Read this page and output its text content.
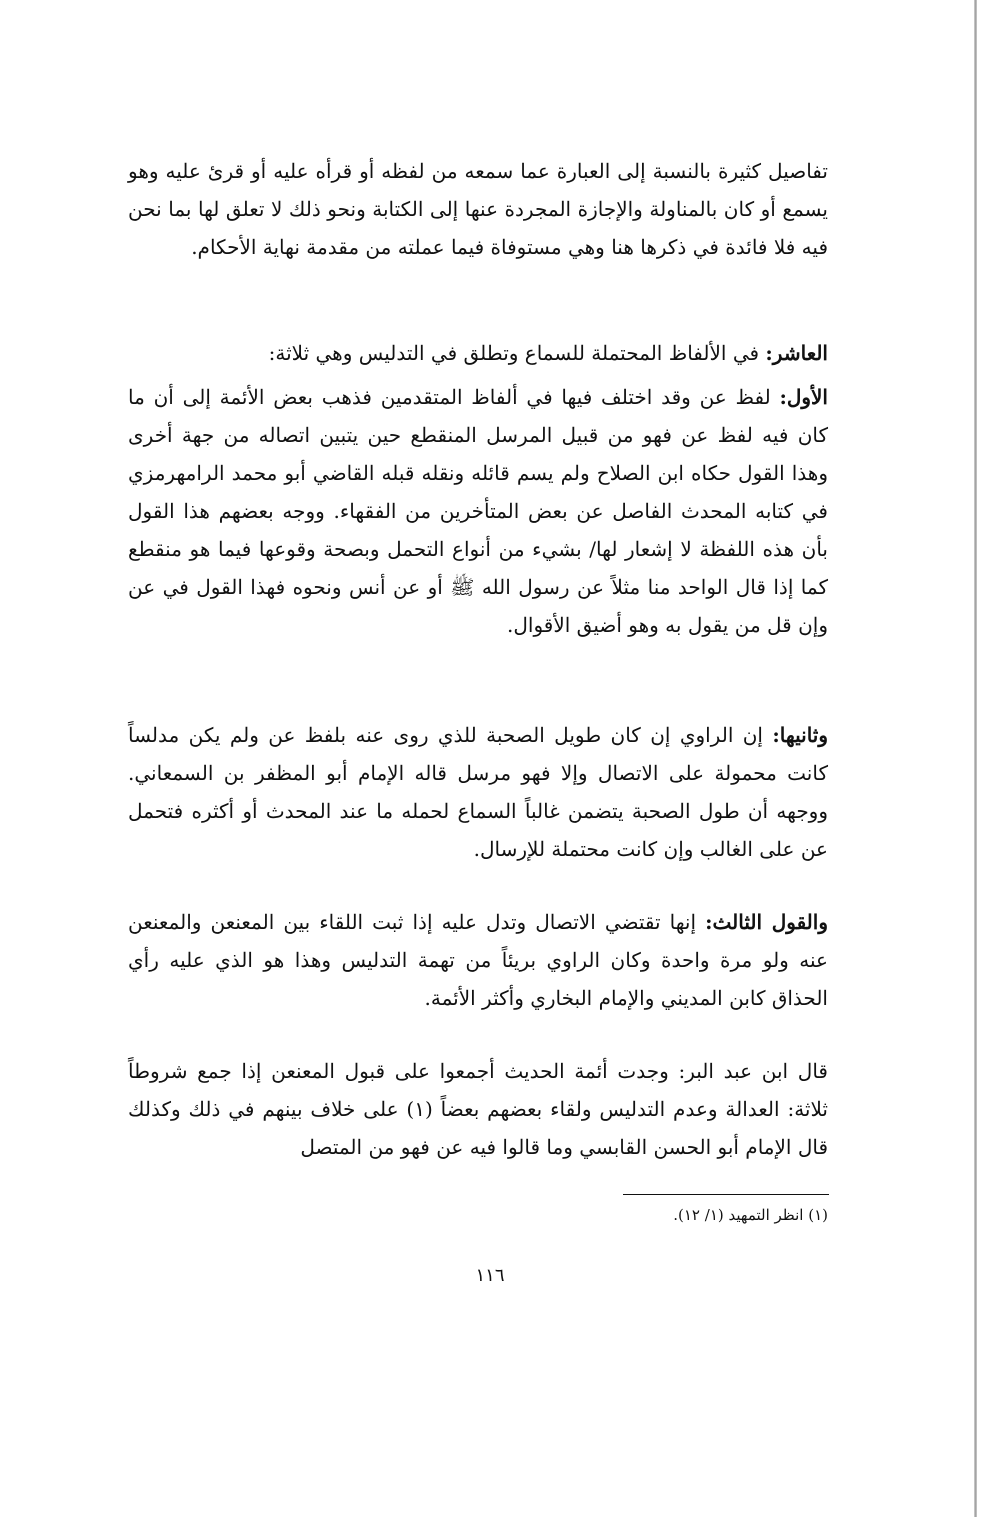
تفاصيل كثيرة بالنسبة إلى العبارة عما سمعه من لفظه أو قرأه عليه أو قرئ عليه وهو يسمع أو كان بالمناولة والإجازة المجردة عنها إلى الكتابة ونحو ذلك لا تعلق لها بما نحن فيه فلا فائدة في ذكرها هنا وهي مستوفاة فيما عملته من مقدمة نهاية الأحكام.

العاشر: في الألفاظ المحتملة للسماع وتطلق في التدليس وهي ثلاثة:

الأول: لفظ عن وقد اختلف فيها في ألفاظ المتقدمين فذهب بعض الأئمة إلى أن ما كان فيه لفظ عن فهو من قبيل المرسل المنقطع حين يتبين اتصاله من جهة أخرى وهذا القول حكاه ابن الصلاح ولم يسم قائله ونقله قبله القاضي أبو محمد الرامهرمزي في كتابه المحدث الفاصل عن بعض المتأخرين من الفقهاء. ووجه بعضهم هذا القول بأن هذه اللفظة لا إشعار لها/ بشيء من أنواع التحمل وبصحة وقوعها فيما هو منقطع كما إذا قال الواحد منا مثلاً عن رسول الله ﷺ أو عن أنس ونحوه فهذا القول في عن وإن قل من يقول به وهو أضيق الأقوال.

وثانيها: إن الراوي إن كان طويل الصحبة للذي روى عنه بلفظ عن ولم يكن مدلساً كانت محمولة على الاتصال وإلا فهو مرسل قاله الإمام أبو المظفر بن السمعاني. ووجهه أن طول الصحبة يتضمن غالباً السماع لحمله ما عند المحدث أو أكثره فتحمل عن على الغالب وإن كانت محتملة للإرسال.

والقول الثالث: إنها تقتضي الاتصال وتدل عليه إذا ثبت اللقاء بين المعنعن والمعنعن عنه ولو مرة واحدة وكان الراوي بريئاً من تهمة التدليس وهذا هو الذي عليه رأي الحذاق كابن المديني والإمام البخاري وأكثر الأئمة.

قال ابن عبد البر: وجدت أئمة الحديث أجمعوا على قبول المعنعن إذا جمع شروطاً ثلاثة: العدالة وعدم التدليس ولقاء بعضهم بعضاً (١) على خلاف بينهم في ذلك وكذلك قال الإمام أبو الحسن القابسي وما قالوا فيه عن فهو من المتصل

(١) انظر التمهيد (١/ ١٢).
١١٦
